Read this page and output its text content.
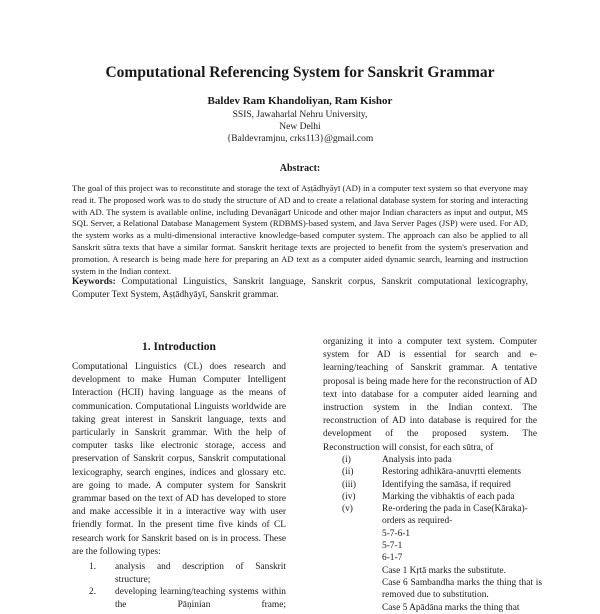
Computational Referencing System for Sanskrit Grammar
Baldev Ram Khandoliyan, Ram Kishor
SSIS, Jawaharlal Nehru University,
New Delhi
{Baldevramjnu, crks113}@gmail.com
Abstract:
The goal of this project was to reconstitute and storage the text of Aṣṭādhyāyī (AD) in a computer text system so that everyone may read it. The proposed work was to do study the structure of AD and to create a relational database system for storing and interacting with AD. The system is available online, including Devanāgarī Unicode and other major Indian characters as input and output, MS SQL Server, a Relational Database Management System (RDBMS)-based system, and Java Server Pages (JSP) were used. For AD, the system works as a multi-dimensional interactive knowledge-based computer system. The approach can also be applied to all Sanskrit sūtra texts that have a similar format. Sanskrit heritage texts are projected to benefit from the system's preservation and promotion. A research is being made here for preparing an AD text as a computer aided dynamic search, learning and instruction system in the Indian context.
Keywords: Computational Linguistics, Sanskrit language, Sanskrit corpus, Sanskrit computational lexicography, Computer Text System, Aṣṭādhyāyī, Sanskrit grammar.
1. Introduction
Computational Linguistics (CL) does research and development to make Human Computer Intelligent Interaction (HCII) having language as the means of communication. Computational Linguists worldwide are taking great interest in Sanskrit language, texts and particularly in Sanskrit grammar. With the help of computer tasks like electronic storage, access and preservation of Sanskrit corpus, Sanskrit computational lexicography, search engines, indices and glossary etc. are going to made. A computer system for Sanskrit grammar based on the text of AD has developed to store and make accessible it in a interactive way with user friendly format. In the present time five kinds of CL research work for Sanskrit based on is in process. These are the following types:
1.	analysis and description of Sanskrit structure;
2.	developing learning/teaching systems within the Pāṇinian frame;
organizing it into a computer text system. Computer system for AD is essential for search and e-learning/teaching of Sanskrit grammar. A tentative proposal is being made here for the reconstruction of AD text into database for a computer aided learning and instruction system in the Indian context. The reconstruction of AD into database is required for the development of the proposed system. The Reconstruction will consist, for each sūtra, of
(i)	Analysis into pada
(ii)	Restoring adhikāra-anuvṛtti elements
(iii)	Identifying the samāsa, if required
(iv)	Marking the vibhaktis of each pada
(v)	Re-ordering the pada in Case(Kāraka)-
orders as required-
5-7-6-1
5-7-1
6-1-7
Case 1 Kṛtā marks the substitute.
Case 6 Sambandha marks the thing that is removed due to substitution.
Case 5 Apādāna marks the thing that
